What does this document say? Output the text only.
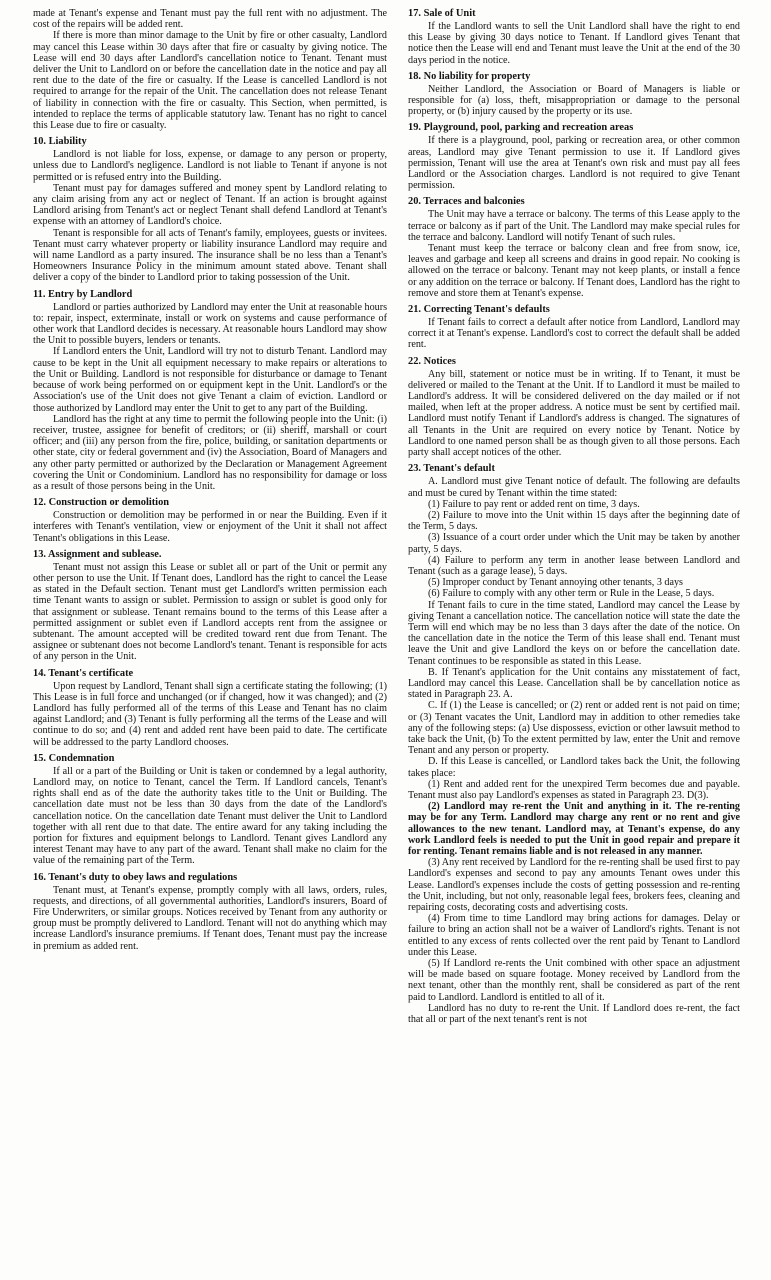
made at Tenant's expense and Tenant must pay the full rent with no adjustment. The cost of the repairs will be added rent.

If there is more than minor damage to the Unit by fire or other casualty, Landlord may cancel this Lease within 30 days after that fire or casualty by giving notice. The Lease will end 30 days after Landlord's cancellation notice to Tenant. Tenant must deliver the Unit to Landlord on or before the cancellation date in the notice and pay all rent due to the date of the fire or casualty. If the Lease is cancelled Landlord is not required to arrange for the repair of the Unit. The cancellation does not release Tenant of liability in connection with the fire or casualty. This Section, when permitted, is intended to replace the terms of applicable statutory law. Tenant has no right to cancel this Lease due to fire or casualty.

10. Liability

Landlord is not liable for loss, expense, or damage to any person or property, unless due to Landlord's negligence. Landlord is not liable to Tenant if anyone is not permitted or is refused entry into the Building.

Tenant must pay for damages suffered and money spent by Landlord relating to any claim arising from any act or neglect of Tenant. If an action is brought against Landlord arising from Tenant's act or neglect Tenant shall defend Landlord at Tenant's expense with an attorney of Landlord's choice.

Tenant is responsible for all acts of Tenant's family, employees, guests or invitees. Tenant must carry whatever property or liability insurance Landlord may require and will name Landlord as a party insured. The insurance shall be no less than a Tenant's Homeowners Insurance Policy in the minimum amount stated above. Tenant shall deliver a copy of the binder to Landlord prior to taking possession of the Unit.

11. Entry by Landlord

Landlord or parties authorized by Landlord may enter the Unit at reasonable hours to: repair, inspect, exterminate, install or work on systems and cause performance of other work that Landlord decides is necessary. At reasonable hours Landlord may show the Unit to possible buyers, lenders or tenants.

If Landlord enters the Unit, Landlord will try not to disturb Tenant. Landlord may cause to be kept in the Unit all equipment necessary to make repairs or alterations to the Unit or Building. Landlord is not responsible for disturbance or damage to Tenant because of work being performed on or equipment kept in the Unit. Landlord's or the Association's use of the Unit does not give Tenant a claim of eviction. Landlord or those authorized by Landlord may enter the Unit to get to any part of the Building.

Landlord has the right at any time to permit the following people into the Unit: (i) receiver, trustee, assignee for benefit of creditors; or (ii) sheriff, marshall or court officer; and (iii) any person from the fire, police, building, or sanitation departments or other state, city or federal government and (iv) the Association, Board of Managers and any other party permitted or authorized by the Declaration or Management Agreement covering the Unit or Condominium. Landlord has no responsibility for damage or loss as a result of those persons being in the Unit.

12. Construction or demolition

Construction or demolition may be performed in or near the Building. Even if it interferes with Tenant's ventilation, view or enjoyment of the Unit it shall not affect Tenant's obligations in this Lease.

13. Assignment and sublease.

Tenant must not assign this Lease or sublet all or part of the Unit or permit any other person to use the Unit. If Tenant does, Landlord has the right to cancel the Lease as stated in the Default section. Tenant must get Landlord's written permission each time Tenant wants to assign or sublet. Permission to assign or sublet is good only for that assignment or sublease. Tenant remains bound to the terms of this Lease after a permitted assignment or sublet even if Landlord accepts rent from the assignee or subtenant. The amount accepted will be credited toward rent due from Tenant. The assignee or subtenant does not become Landlord's tenant. Tenant is responsible for acts of any person in the Unit.

14. Tenant's certificate

Upon request by Landlord, Tenant shall sign a certificate stating the following; (1) This Lease is in full force and unchanged (or if changed, how it was changed); and (2) Landlord has fully performed all of the terms of this Lease and Tenant has no claim against Landlord; and (3) Tenant is fully performing all the terms of the Lease and will continue to do so; and (4) rent and added rent have been paid to date. The certificate will be addressed to the party Landlord chooses.

15. Condemnation

If all or a part of the Building or Unit is taken or condemned by a legal authority, Landlord may, on notice to Tenant, cancel the Term. If Landlord cancels, Tenant's rights shall end as of the date the authority takes title to the Unit or Building. The cancellation date must not be less than 30 days from the date of the Landlord's cancellation notice. On the cancellation date Tenant must deliver the Unit to Landlord together with all rent due to that date. The entire award for any taking including the portion for fixtures and equipment belongs to Landlord. Tenant gives Landlord any interest Tenant may have to any part of the award. Tenant shall make no claim for the value of the remaining part of the Term.

16. Tenant's duty to obey laws and regulations

Tenant must, at Tenant's expense, promptly comply with all laws, orders, rules, requests, and directions, of all governmental authorities, Landlord's insurers, Board of Fire Underwriters, or similar groups. Notices received by Tenant from any authority or group must be promptly delivered to Landlord. Tenant will not do anything which may increase Landlord's insurance premiums. If Tenant does, Tenant must pay the increase in premium as added rent.

17. Sale of Unit

If the Landlord wants to sell the Unit Landlord shall have the right to end this Lease by giving 30 days notice to Tenant. If Landlord gives Tenant that notice then the Lease will end and Tenant must leave the Unit at the end of the 30 days period in the notice.

18. No liability for property

Neither Landlord, the Association or Board of Managers is liable or responsible for (a) loss, theft, misappropriation or damage to the personal property, or (b) injury caused by the property or its use.

19. Playground, pool, parking and recreation areas

If there is a playground, pool, parking or recreation area, or other common areas, Landlord may give Tenant permission to use it. If Landlord gives permission, Tenant will use the area at Tenant's own risk and must pay all fees Landlord or the Association charges. Landlord is not required to give Tenant permission.

20. Terraces and balconies

The Unit may have a terrace or balcony. The terms of this Lease apply to the terrace or balcony as if part of the Unit. The Landlord may make special rules for the terrace and balcony. Landlord will notify Tenant of such rules.

Tenant must keep the terrace or balcony clean and free from snow, ice, leaves and garbage and keep all screens and drains in good repair. No cooking is allowed on the terrace or balcony. Tenant may not keep plants, or install a fence or any addition on the terrace or balcony. If Tenant does, Landlord has the right to remove and store them at Tenant's expense.

21. Correcting Tenant's defaults

If Tenant fails to correct a default after notice from Landlord, Landlord may correct it at Tenant's expense. Landlord's cost to correct the default shall be added rent.

22. Notices

Any bill, statement or notice must be in writing. If to Tenant, it must be delivered or mailed to the Tenant at the Unit. If to Landlord it must be mailed to Landlord's address. It will be considered delivered on the day mailed or if not mailed, when left at the proper address. A notice must be sent by certified mail. Landlord must notify Tenant if Landlord's address is changed. The signatures of all Tenants in the Unit are required on every notice by Tenant. Notice by Landlord to one named person shall be as though given to all those persons. Each party shall accept notices of the other.

23. Tenant's default

A. Landlord must give Tenant notice of default. The following are defaults and must be cured by Tenant within the time stated:

(1) Failure to pay rent or added rent on time, 3 days.

(2) Failure to move into the Unit within 15 days after the beginning date of the Term, 5 days.

(3) Issuance of a court order under which the Unit may be taken by another party, 5 days.

(4) Failure to perform any term in another lease between Landlord and Tenant (such as a garage lease), 5 days.

(5) Improper conduct by Tenant annoying other tenants, 3 days

(6) Failure to comply with any other term or Rule in the Lease, 5 days.

If Tenant fails to cure in the time stated, Landlord may cancel the Lease by giving Tenant a cancellation notice. The cancellation notice will state the date the Term will end which may be no less than 3 days after the date of the notice. On the cancellation date in the notice the Term of this lease shall end. Tenant must leave the Unit and give Landlord the keys on or before the cancellation date. Tenant continues to be responsible as stated in this Lease.

B. If Tenant's application for the Unit contains any misstatement of fact, Landlord may cancel this Lease. Cancellation shall be by cancellation notice as stated in Paragraph 23. A.

C. If (1) the Lease is cancelled; or (2) rent or added rent is not paid on time; or (3) Tenant vacates the Unit, Landlord may in addition to other remedies take any of the following steps: (a) Use dispossess, eviction or other lawsuit method to take back the Unit, (b) To the extent permitted by law, enter the Unit and remove Tenant and any person or property.

D. If this Lease is cancelled, or Landlord takes back the Unit, the following takes place:

(1) Rent and added rent for the unexpired Term becomes due and payable. Tenant must also pay Landlord's expenses as stated in Paragraph 23. D(3).

(2) Landlord may re-rent the Unit and anything in it. The re-renting may be for any Term. Landlord may charge any rent or no rent and give allowances to the new tenant. Landlord may, at Tenant's expense, do any work Landlord feels is needed to put the Unit in good repair and prepare it for renting. Tenant remains liable and is not released in any manner.

(3) Any rent received by Landlord for the re-renting shall be used first to pay Landlord's expenses and second to pay any amounts Tenant owes under this Lease. Landlord's expenses include the costs of getting possession and re-renting the Unit, including, but not only, reasonable legal fees, brokers fees, cleaning and repairing costs, decorating costs and advertising costs.

(4) From time to time Landlord may bring actions for damages. Delay or failure to bring an action shall not be a waiver of Landlord's rights. Tenant is not entitled to any excess of rents collected over the rent paid by Tenant to Landlord under this Lease.

(5) If Landlord re-rents the Unit combined with other space an adjustment will be made based on square footage. Money received by Landlord from the next tenant, other than the monthly rent, shall be considered as part of the rent paid to Landlord. Landlord is entitled to all of it.

Landlord has no duty to re-rent the Unit. If Landlord does re-rent, the fact that all or part of the next tenant's rent is not
